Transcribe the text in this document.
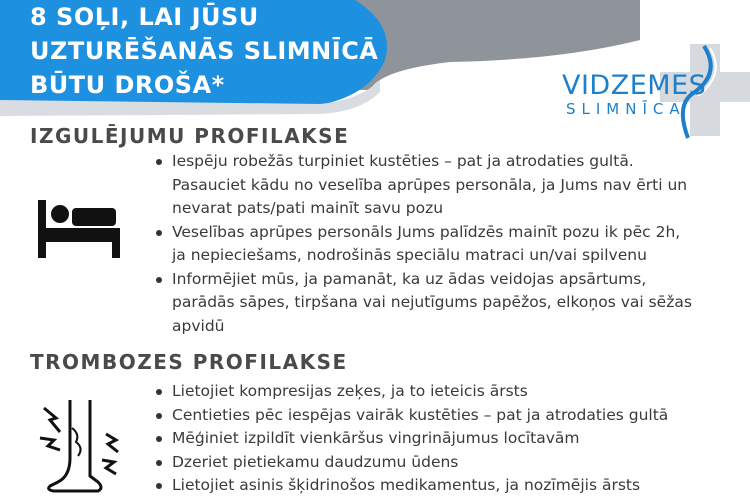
8 SOĻI, LAI JŪSU
UZTURĒŠANĀS SLIMNĪCĀ
BŪTU DROŠA*	VIDZEMES
SLIMNĪCA
IZGULĒJUMU PROFILAKSE
Iespēju robežās turpiniet kustēties – pat ja atrodaties gultā. Pasauciet kādu no veselība aprūpes personāla, ja Jums nav ērti un nevarat pats/pati mainīt savu pozu
Veselības aprūpes personāls Jums palīdzēs mainīt pozu ik pēc 2h, ja nepieciešams, nodrošinās speciālu matraci un/vai spilvenu
Informējiet mūs, ja pamanāt, ka uz ādas veidojas apsārtums, parādās sāpes, tirpšana vai nejutīgums papēžos, elkoņos vai sēžas apvidū
TROMBOZES PROFILAKSE
Lietojiet kompresijas zeķes, ja to ieteicis ārsts
Centieties pēc iespējas vairāk kustēties – pat ja atrodaties gultā
Mēģiniet izpildīt vienkāršus vingrinājumus locītavām
Dzeriet pietiekamu daudzumu ūdens
Lietojiet asinis šķidrinošos medikamentus, ja nozīmējis ārsts
